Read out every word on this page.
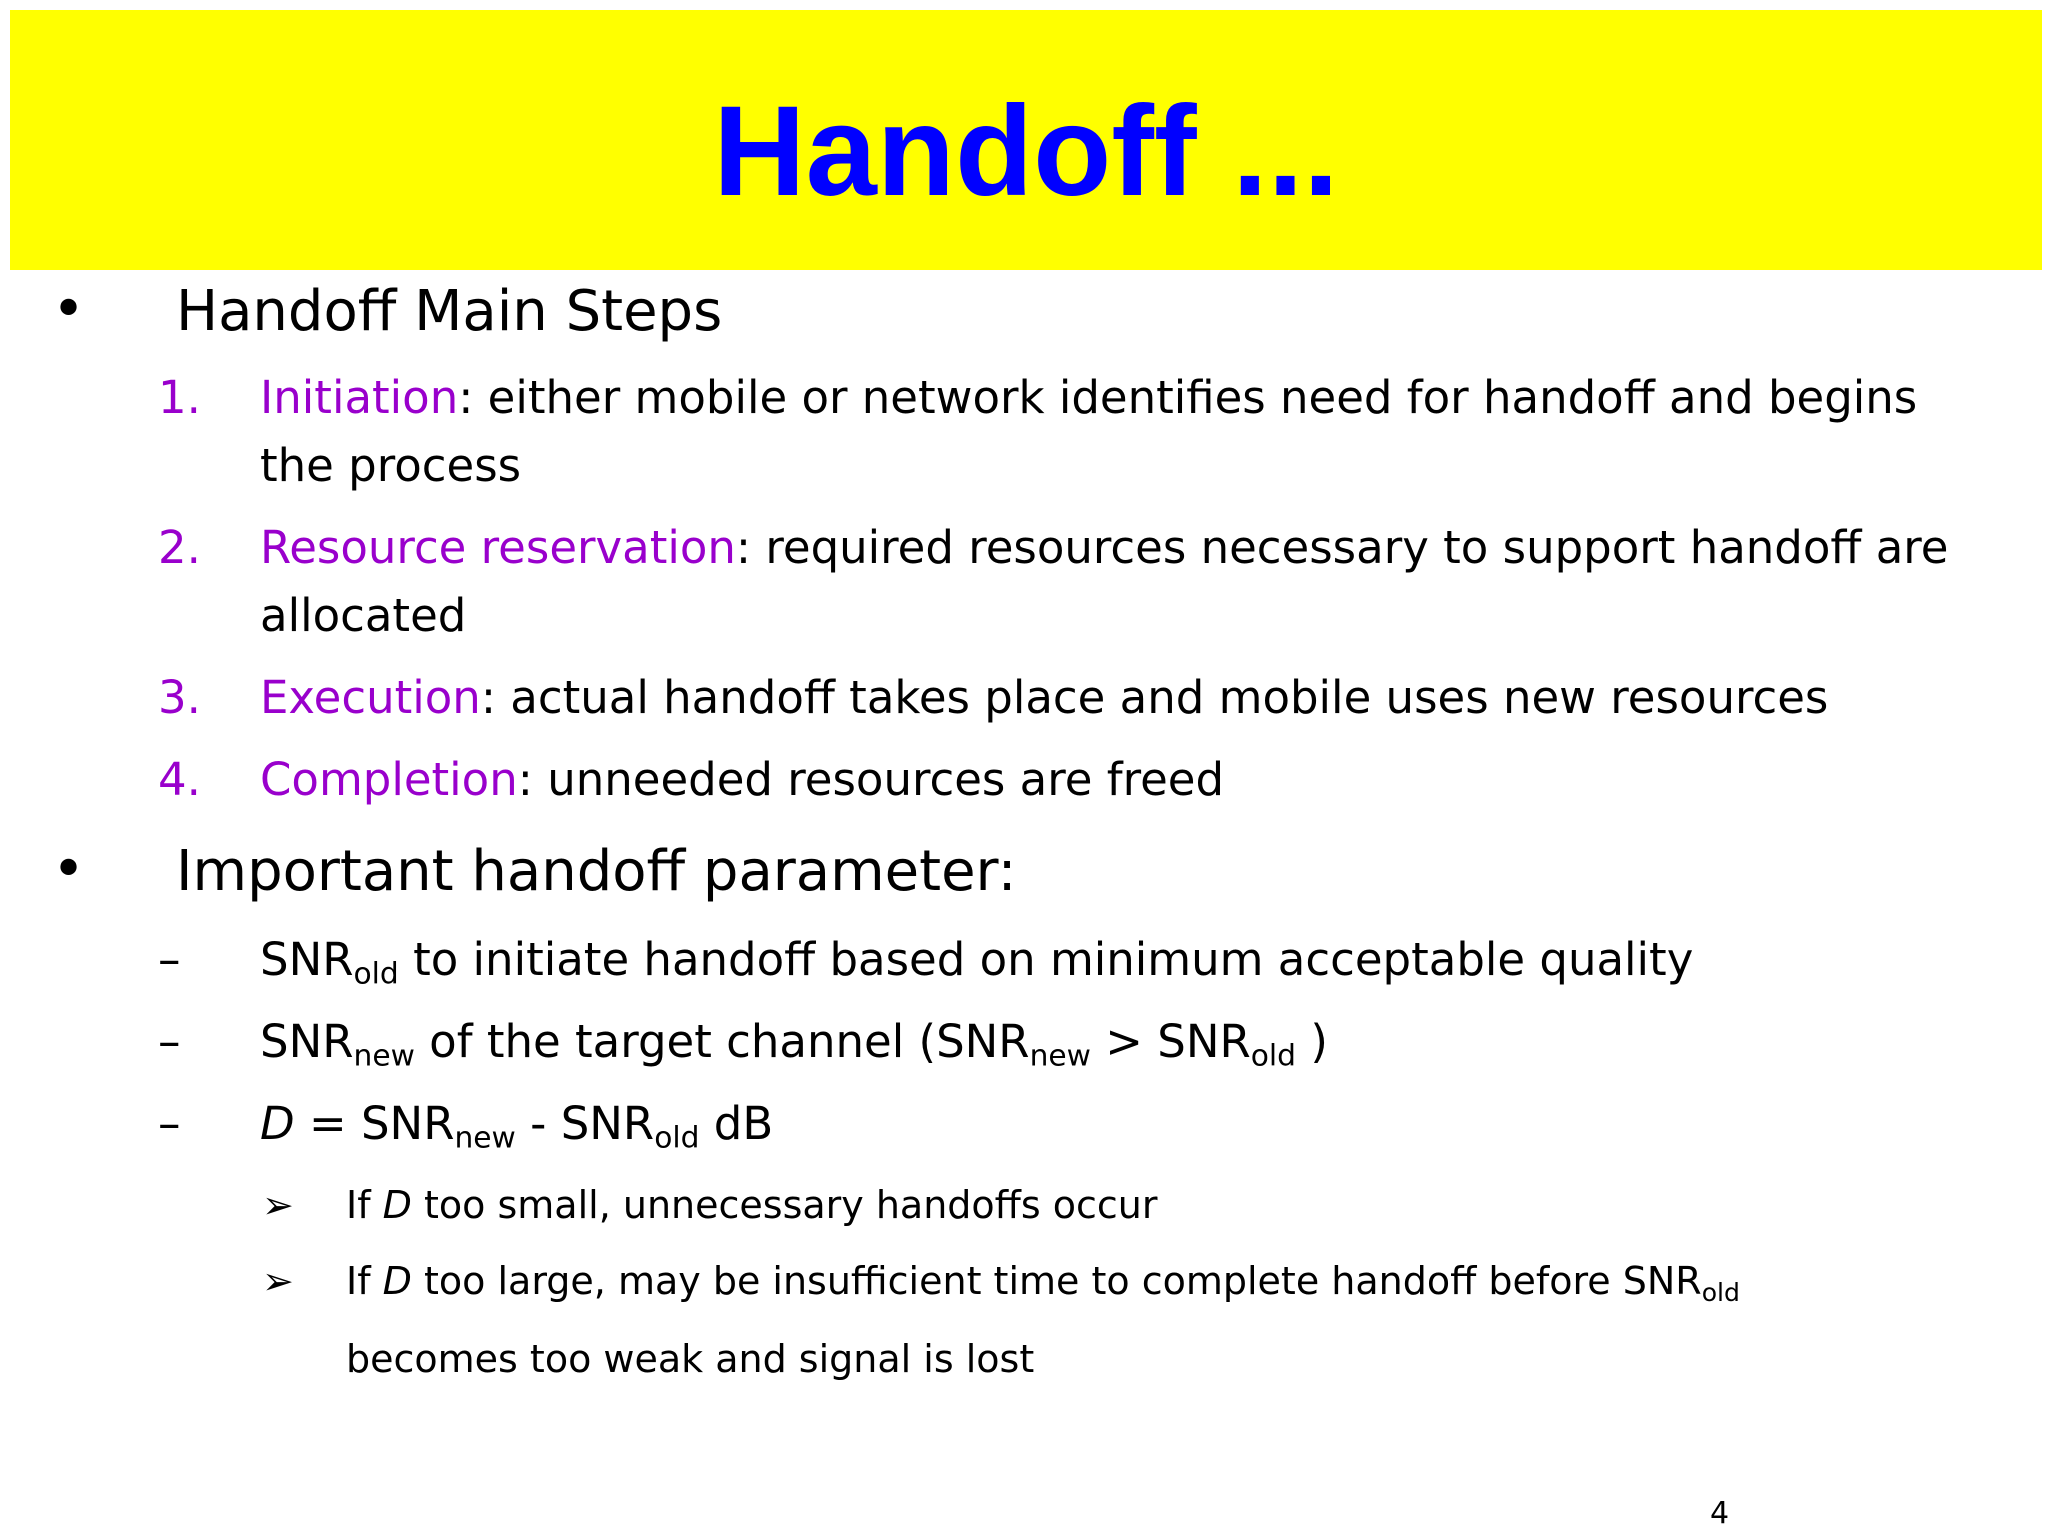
Handoff ...
• Handoff Main Steps
1. Initiation: either mobile or network identifies need for handoff and begins
the process
2. Resource reservation: required resources necessary to support handoff are
allocated
3. Execution: actual handoff takes place and mobile uses new resources
4. Completion: unneeded resources are freed
• Important handoff parameter:
– $SNR_{old}$ to initiate handoff based on minimum acceptable quality
– $SNR_{new}$ of the target channel ($SNR_{new} > SNR_{old}$ )
– $D = SNR_{new} - SNR_{old}$ dB
➢ If D too small, unnecessary handoffs occur
➢ If D too large, may be insufficient time to complete handoff before $SNR_{old}$
becomes too weak and signal is lost
4
